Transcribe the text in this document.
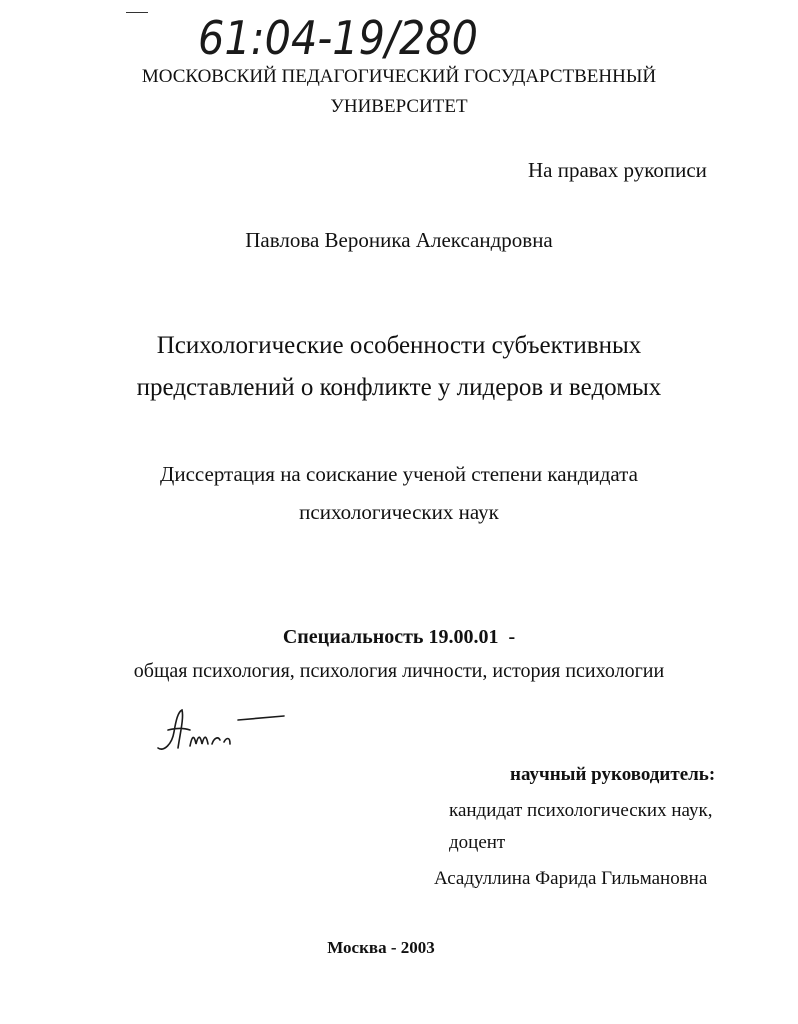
61:04-19/280
МОСКОВСКИЙ ПЕДАГОГИЧЕСКИЙ ГОСУДАРСТВЕННЫЙ
УНИВЕРСИТЕТ
На правах рукописи
Павлова Вероника Александровна
Психологические особенности субъективных
представлений о конфликте у лидеров и ведомых
Диссертация на соискание ученой степени кандидата
психологических наук
Специальность 19.00.01  -
общая психология, психология личности, история психологии
научный руководитель:
кандидат психологических наук,
доцент
Асадуллина Фарида Гильмановна
Москва - 2003
